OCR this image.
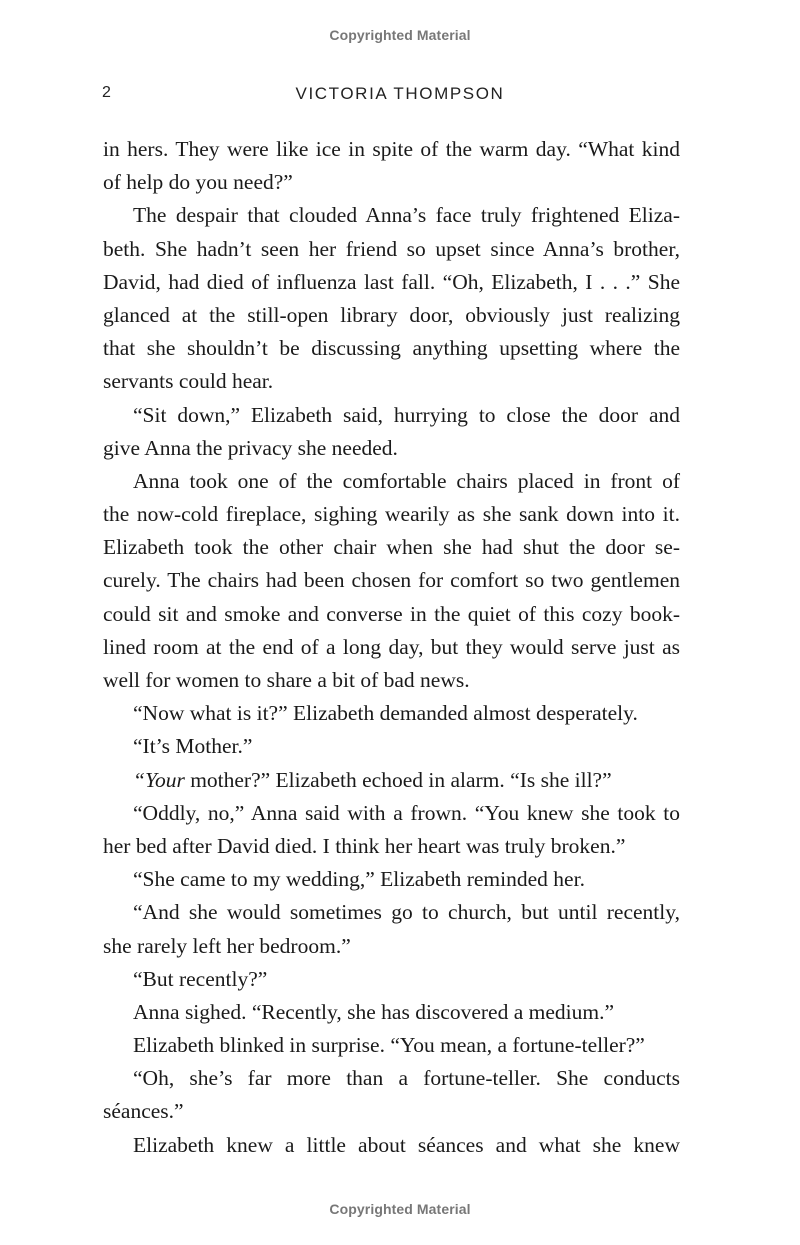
Copyrighted Material
2	VICTORIA THOMPSON
in hers. They were like ice in spite of the warm day. “What kind
of help do you need?”
The despair that clouded Anna’s face truly frightened Eliza-
beth. She hadn’t seen her friend so upset since Anna’s brother,
David, had died of influenza last fall. “Oh, Elizabeth, I . . .” She
glanced at the still-open library door, obviously just realizing
that she shouldn’t be discussing anything upsetting where the
servants could hear.
“Sit down,” Elizabeth said, hurrying to close the door and
give Anna the privacy she needed.
Anna took one of the comfortable chairs placed in front of
the now-cold fireplace, sighing wearily as she sank down into it.
Elizabeth took the other chair when she had shut the door se-
curely. The chairs had been chosen for comfort so two gentlemen
could sit and smoke and converse in the quiet of this cozy book-
lined room at the end of a long day, but they would serve just as
well for women to share a bit of bad news.
“Now what is it?” Elizabeth demanded almost desperately.
“It’s Mother.”
“Your mother?” Elizabeth echoed in alarm. “Is she ill?”
“Oddly, no,” Anna said with a frown. “You knew she took to
her bed after David died. I think her heart was truly broken.”
“She came to my wedding,” Elizabeth reminded her.
“And she would sometimes go to church, but until recently,
she rarely left her bedroom.”
“But recently?”
Anna sighed. “Recently, she has discovered a medium.”
Elizabeth blinked in surprise. “You mean, a fortune-teller?”
“Oh, she’s far more than a fortune-teller. She conducts
séances.”
Elizabeth knew a little about séances and what she knew
Copyrighted Material
